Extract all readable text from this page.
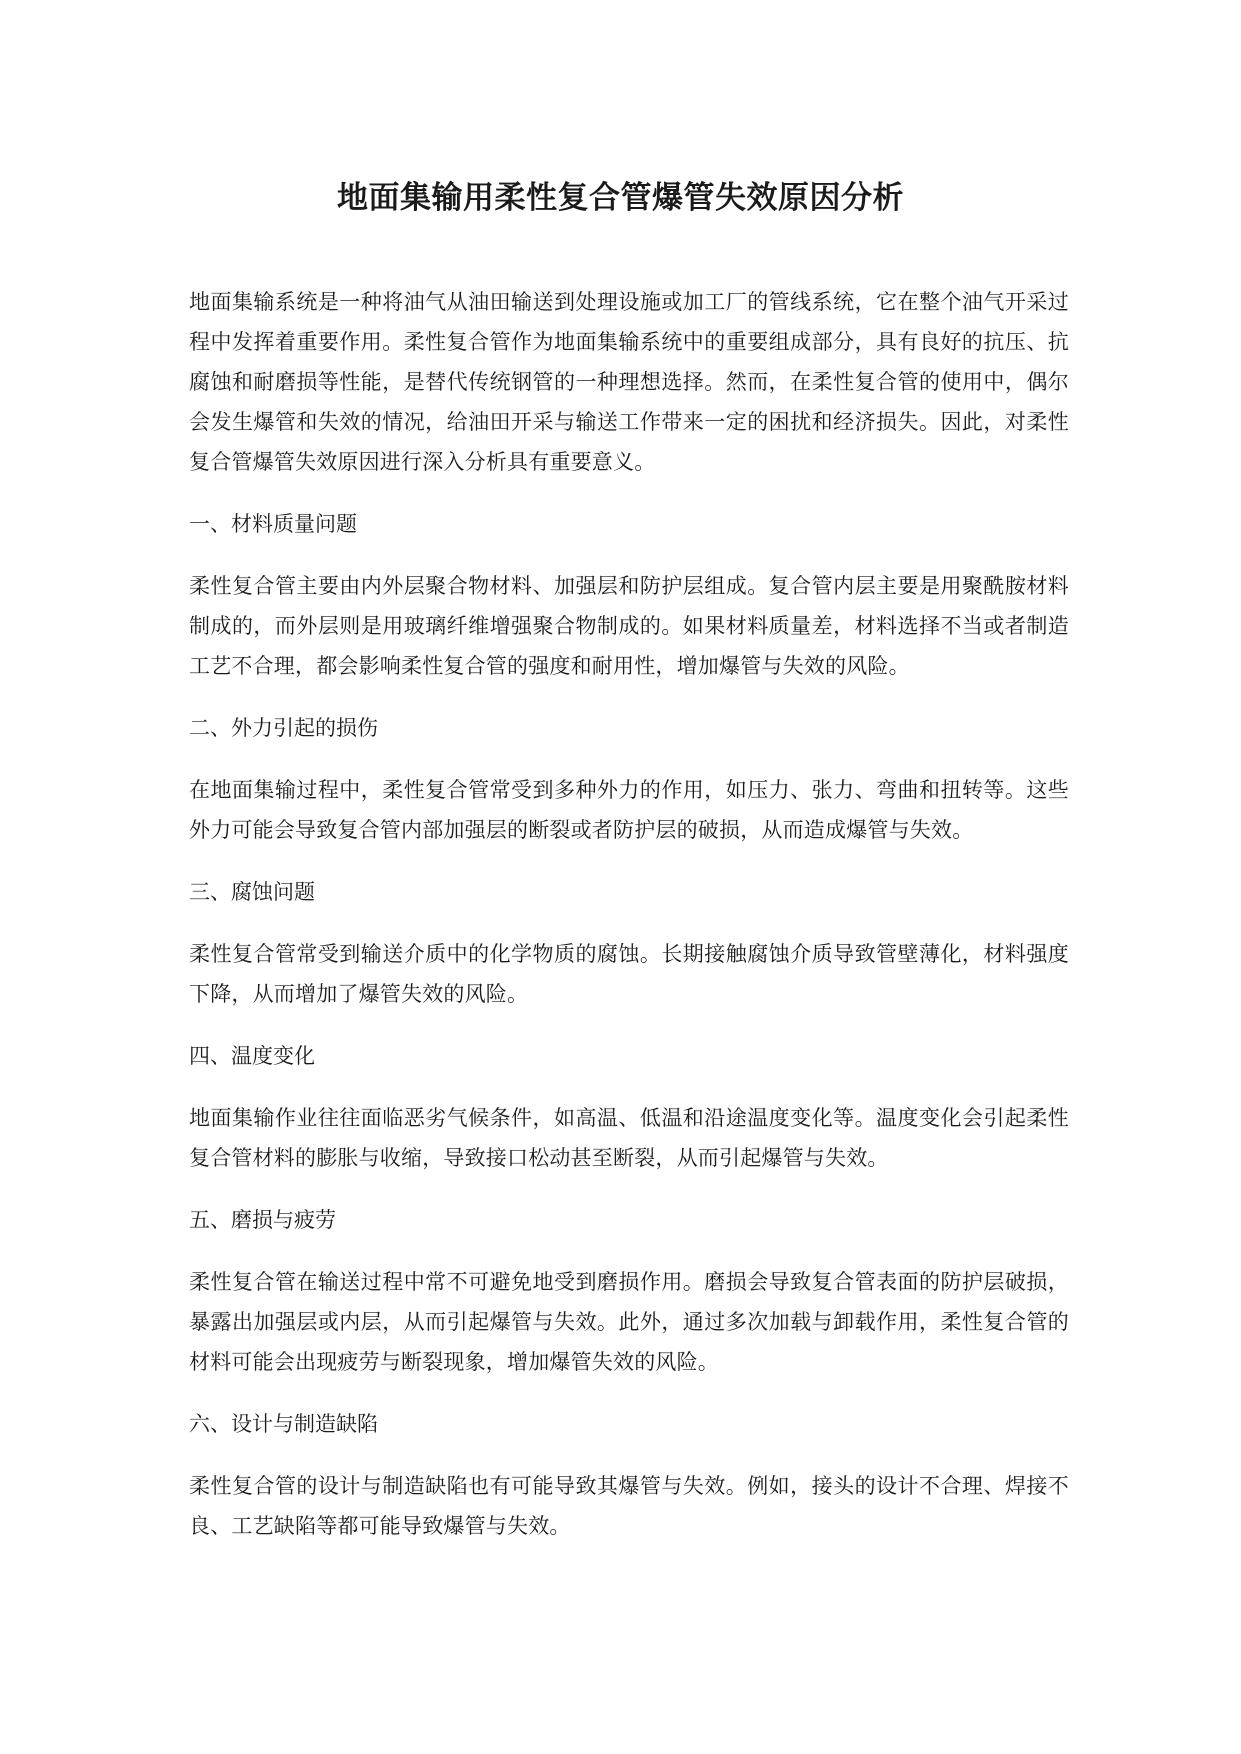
地面集输用柔性复合管爆管失效原因分析

地面集输系统是一种将油气从油田输送到处理设施或加工厂的管线系统，它在整个油气开采过程中发挥着重要作用。柔性复合管作为地面集输系统中的重要组成部分，具有良好的抗压、抗腐蚀和耐磨损等性能，是替代传统钢管的一种理想选择。然而，在柔性复合管的使用中，偶尔会发生爆管和失效的情况，给油田开采与输送工作带来一定的困扰和经济损失。因此，对柔性复合管爆管失效原因进行深入分析具有重要意义。

一、材料质量问题

柔性复合管主要由内外层聚合物材料、加强层和防护层组成。复合管内层主要是用聚酰胺材料制成的，而外层则是用玻璃纤维增强聚合物制成的。如果材料质量差，材料选择不当或者制造工艺不合理，都会影响柔性复合管的强度和耐用性，增加爆管与失效的风险。

二、外力引起的损伤

在地面集输过程中，柔性复合管常受到多种外力的作用，如压力、张力、弯曲和扭转等。这些外力可能会导致复合管内部加强层的断裂或者防护层的破损，从而造成爆管与失效。

三、腐蚀问题

柔性复合管常受到输送介质中的化学物质的腐蚀。长期接触腐蚀介质导致管壁薄化，材料强度下降，从而增加了爆管失效的风险。

四、温度变化

地面集输作业往往面临恶劣气候条件，如高温、低温和沿途温度变化等。温度变化会引起柔性复合管材料的膨胀与收缩，导致接口松动甚至断裂，从而引起爆管与失效。

五、磨损与疲劳

柔性复合管在输送过程中常不可避免地受到磨损作用。磨损会导致复合管表面的防护层破损，暴露出加强层或内层，从而引起爆管与失效。此外，通过多次加载与卸载作用，柔性复合管的材料可能会出现疲劳与断裂现象，增加爆管失效的风险。

六、设计与制造缺陷

柔性复合管的设计与制造缺陷也有可能导致其爆管与失效。例如，接头的设计不合理、焊接不良、工艺缺陷等都可能导致爆管与失效。
